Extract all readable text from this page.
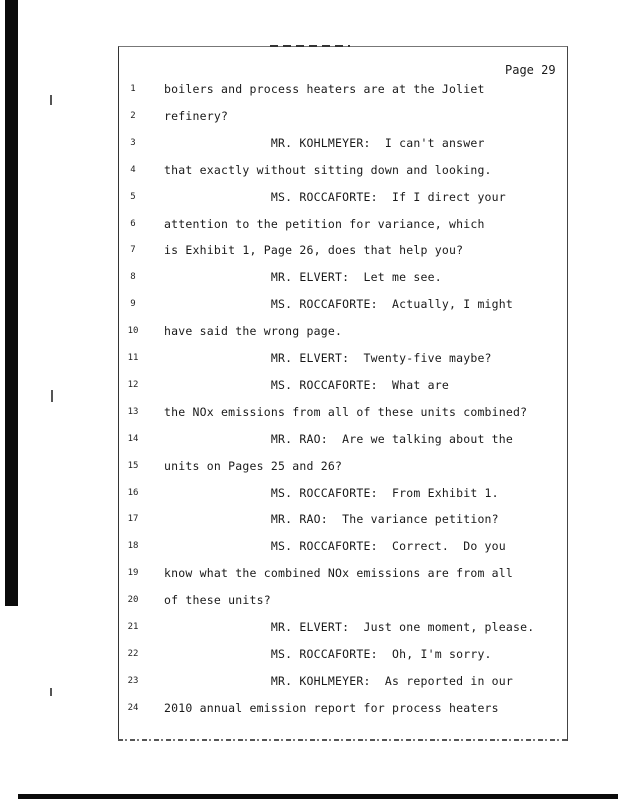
Page 29
1	boilers and process heaters are at the Joliet
2	refinery?
3	MR. KOHLMEYER:  I can't answer
4	that exactly without sitting down and looking.
5	MS. ROCCAFORTE:  If I direct your
6	attention to the petition for variance, which
7	is Exhibit 1, Page 26, does that help you?
8	MR. ELVERT:  Let me see.
9	MS. ROCCAFORTE:  Actually, I might
10	have said the wrong page.
11	MR. ELVERT:  Twenty-five maybe?
12	MS. ROCCAFORTE:  What are
13	the NOx emissions from all of these units combined?
14	MR. RAO:  Are we talking about the
15	units on Pages 25 and 26?
16	MS. ROCCAFORTE:  From Exhibit 1.
17	MR. RAO:  The variance petition?
18	MS. ROCCAFORTE:  Correct.  Do you
19	know what the combined NOx emissions are from all
20	of these units?
21	MR. ELVERT:  Just one moment, please.
22	MS. ROCCAFORTE:  Oh, I'm sorry.
23	MR. KOHLMEYER:  As reported in our
24	2010 annual emission report for process heaters
